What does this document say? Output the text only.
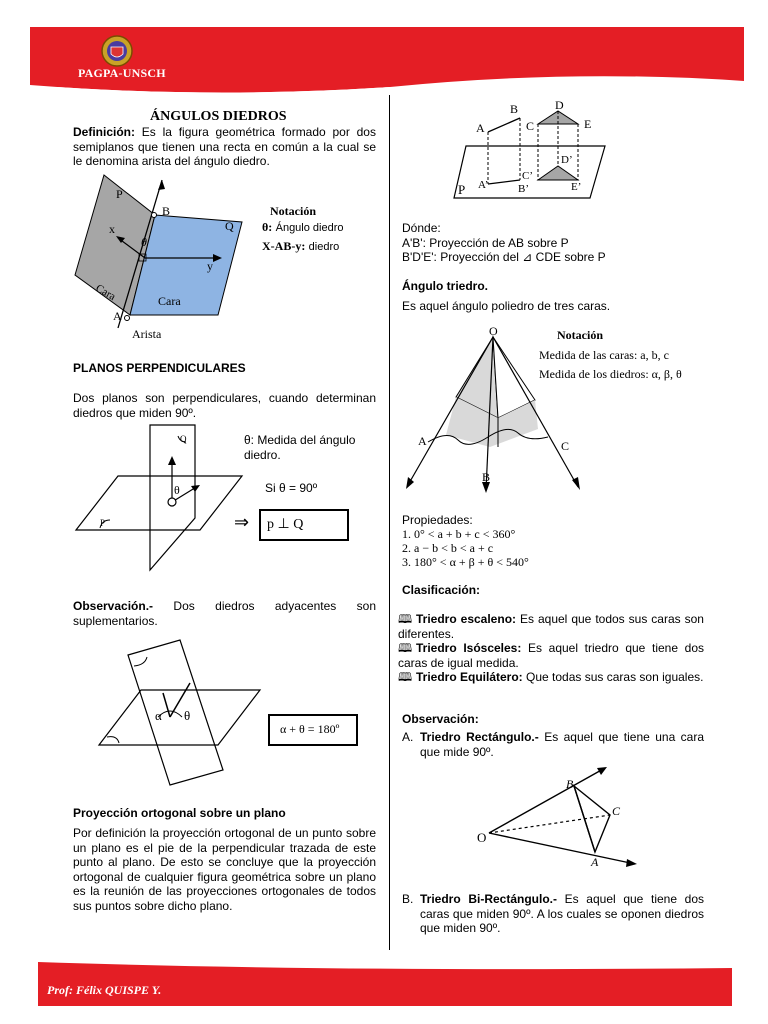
PAGPA-UNSCH
ÁNGULOS DIEDROS
Definición: Es la figura geométrica formado por dos semiplanos que tienen una recta en común a la cual se le denomina arista del ángulo diedro.
P
Q
B
A
x
y
θ
Cara	Cara
Arista
Notación
θ: Ángulo diedro
X-AB-y: diedro
PLANOS PERPENDICULARES
Dos planos son perpendiculares, cuando determinan diedros que miden 90º.
Q
P
θ
θ: Medida del ángulo
diedro.
Si θ = 90º
⇒ p ⊥ Q
Observación.- Dos diedros adyacentes son suplementarios.
α θ
α + θ = 180º
Proyección ortogonal sobre un plano
Por definición la proyección ortogonal de un punto sobre un plano es el pie de la perpendicular trazada de este punto al plano. De esto se concluye que la proyección ortogonal de cualquier figura geométrica sobre un plano es la reunión de las proyecciones ortogonales de todos sus puntos sobre dicho plano.
A
B
C
D
E
A’	B’
C’
D’
E’
P
Dónde:
A'B': Proyección de AB sobre P
B'D'E': Proyección del ⊿ CDE sobre P
Ángulo triedro.
Es aquel ángulo poliedro de tres caras.
O
A
B
C
Notación
Medida de las caras: a, b, c
Medida de los diedros: α, β, θ
Propiedades:
1. 0° < a + b + c < 360°
2. a − b < b < a + c
3. 180° < α + β + θ < 540°
Clasificación:
🕮 Triedro escaleno: Es aquel que todos sus caras son diferentes.
🕮 Triedro Isósceles: Es aquel triedro que tiene dos caras de igual medida.
🕮 Triedro Equilátero: Que todas sus caras son iguales.
Observación:
A. Triedro Rectángulo.- Es aquel que tiene una cara que mide 90º.
O
B
C
A
B. Triedro Bi-Rectángulo.- Es aquel que tiene dos caras que miden 90º. A los cuales se oponen diedros que miden 90º.
Prof: Félix QUISPE Y.
